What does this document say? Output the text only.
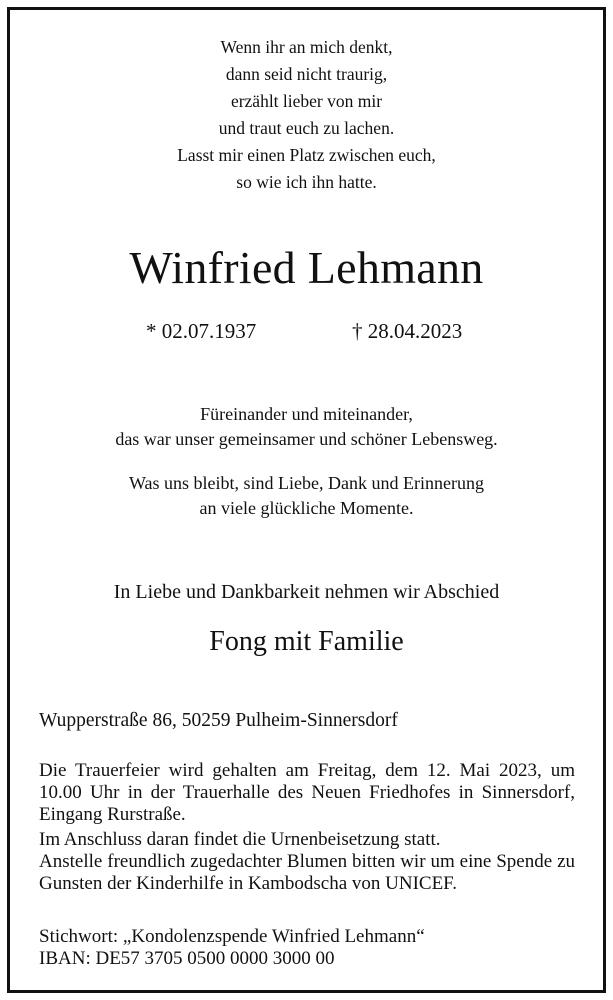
Wenn ihr an mich denkt,
dann seid nicht traurig,
erzählt lieber von mir
und traut euch zu lachen.
Lasst mir einen Platz zwischen euch,
so wie ich ihn hatte.
Winfried Lehmann
* 02.07.1937	† 28.04.2023
Füreinander und miteinander,
das war unser gemeinsamer und schöner Lebensweg.
Was uns bleibt, sind Liebe, Dank und Erinnerung
an viele glückliche Momente.
In Liebe und Dankbarkeit nehmen wir Abschied
Fong mit Familie
Wupperstraße 86, 50259 Pulheim-Sinnersdorf
Die Trauerfeier wird gehalten am Freitag, dem 12. Mai 2023, um 10.00 Uhr in der Trauerhalle des Neuen Friedhofes in Sinnersdorf, Eingang Rurstraße.
Im Anschluss daran findet die Urnenbeisetzung statt.
Anstelle freundlich zugedachter Blumen bitten wir um eine Spende zu Gunsten der Kinderhilfe in Kambodscha von UNICEF.
Stichwort: „Kondolenzspende Winfried Lehmann“
IBAN: DE57 3705 0500 0000 3000 00
